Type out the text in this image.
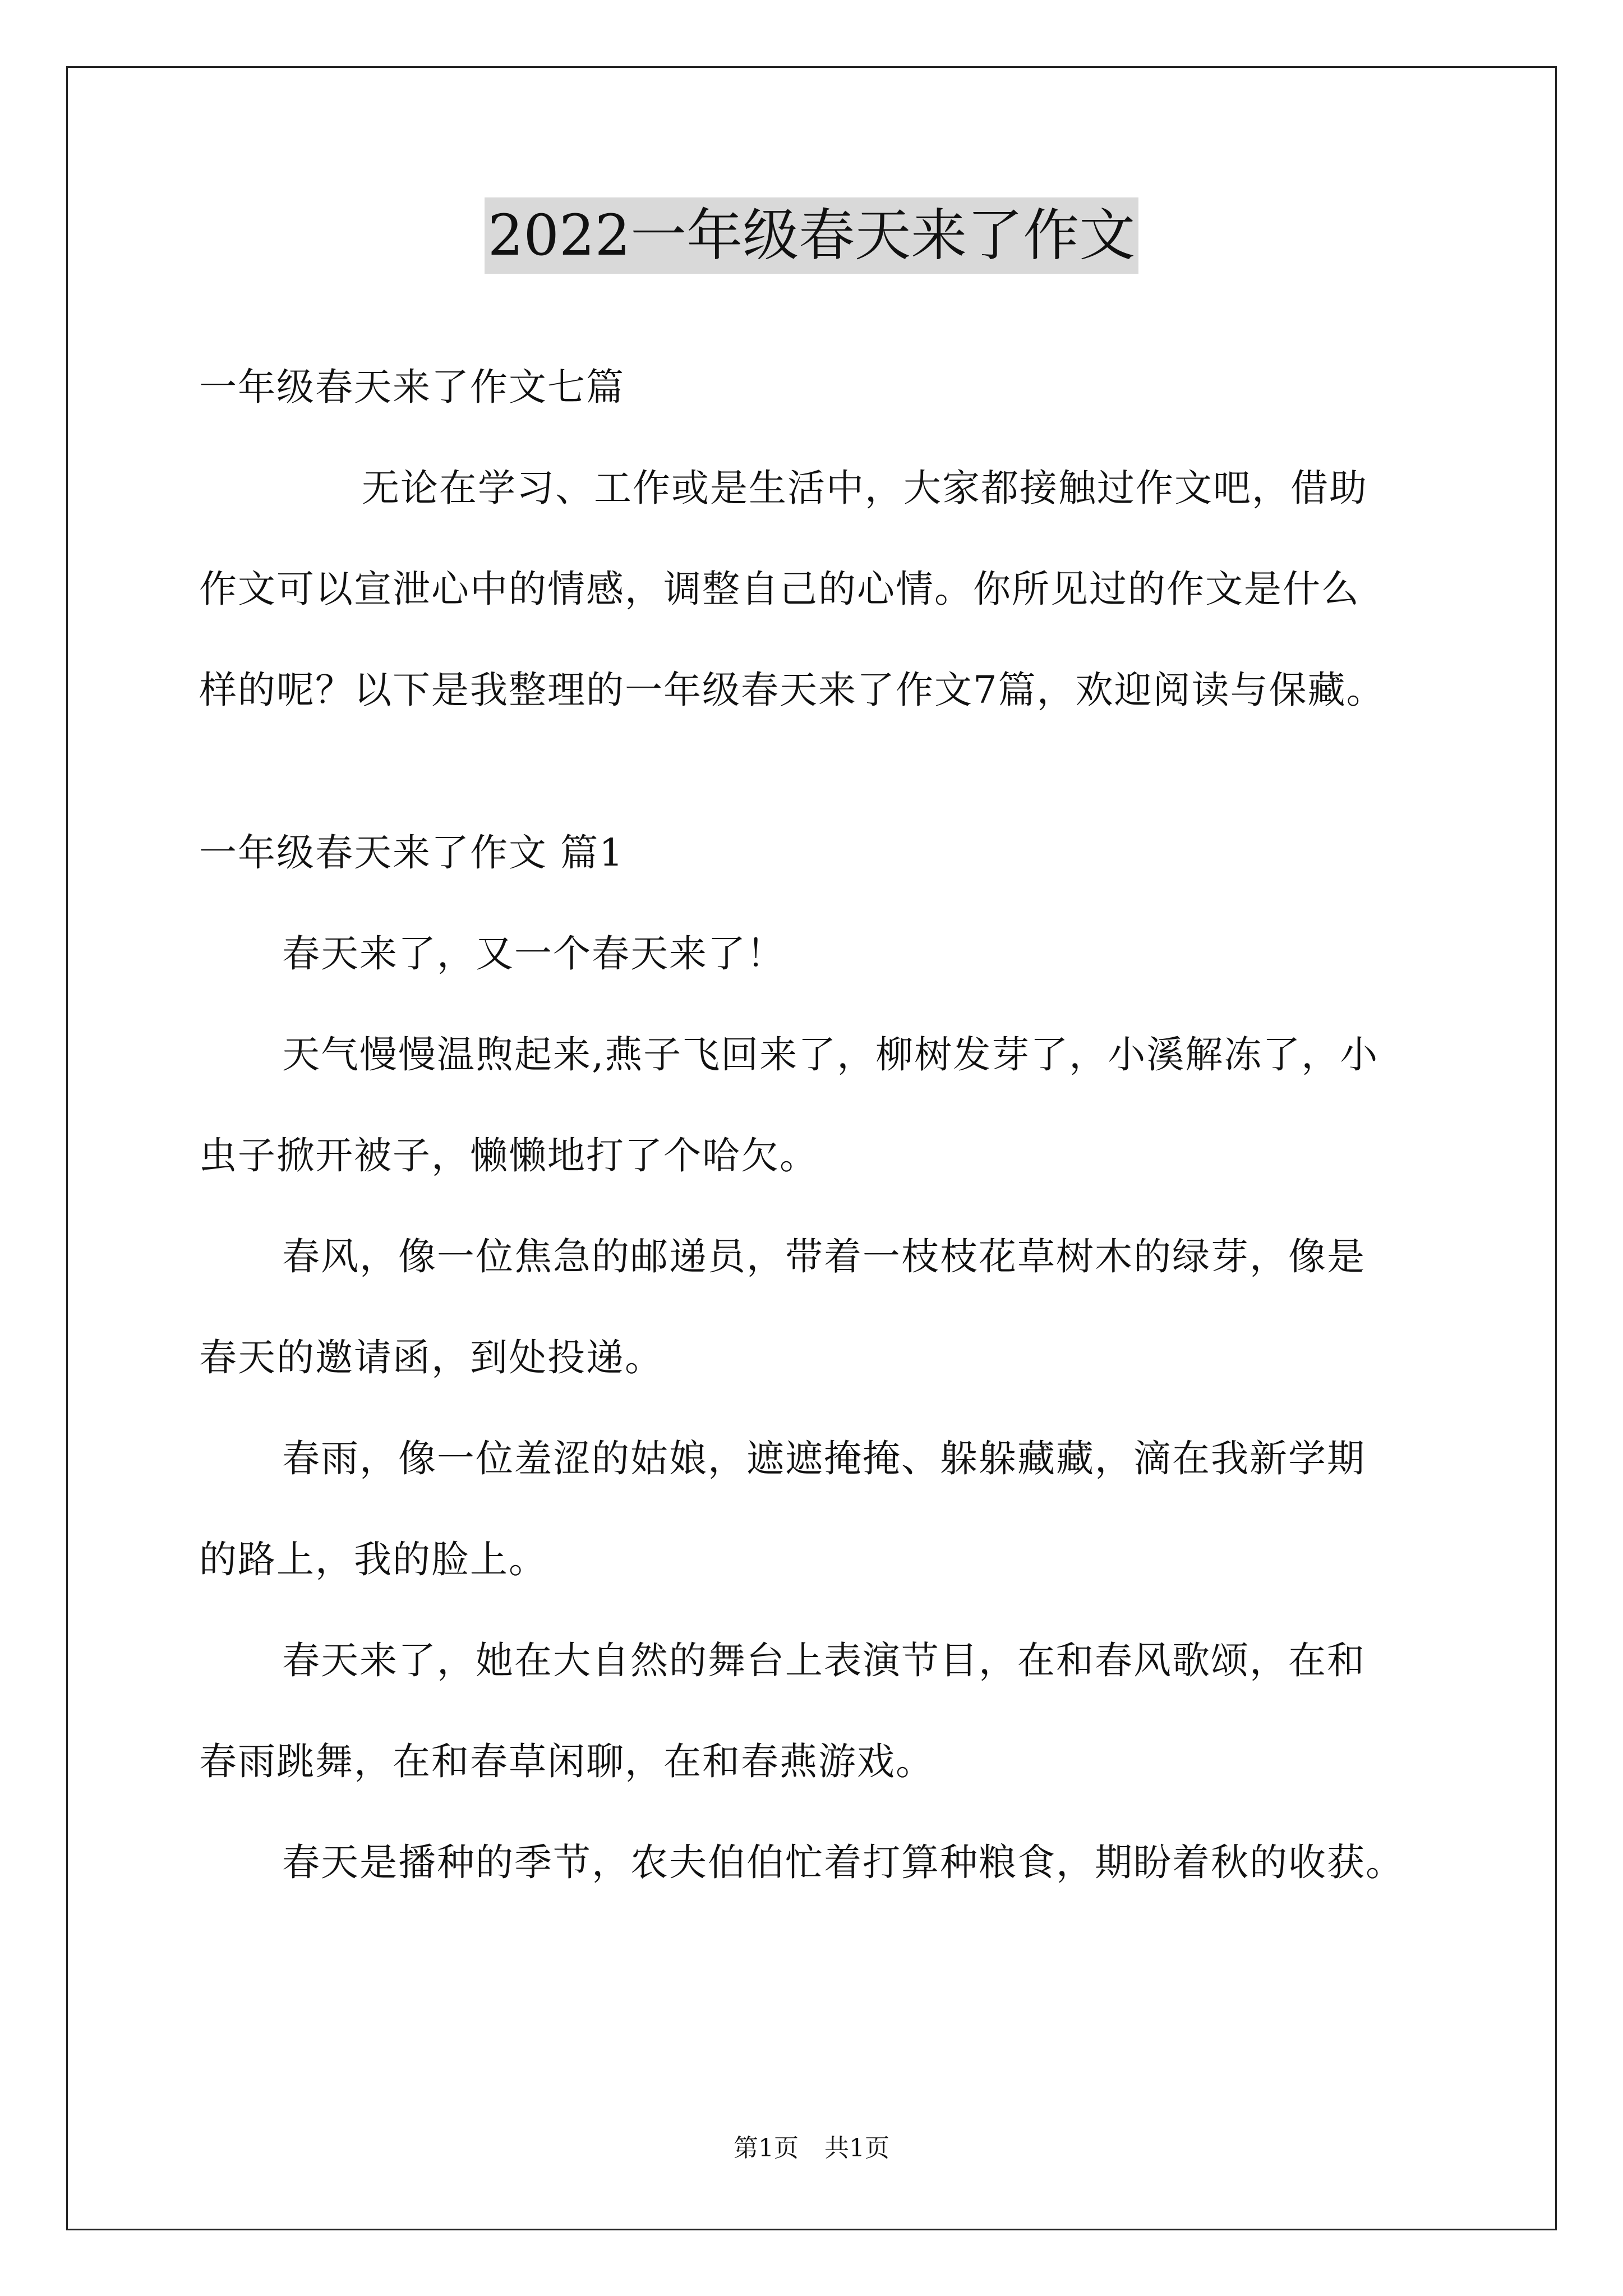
2022一年级春天来了作文
一年级春天来了作文七篇
无论在学习、工作或是生活中，大家都接触过作文吧，借助
作文可以宣泄心中的情感，调整自己的心情。你所见过的作文是什么
样的呢？以下是我整理的一年级春天来了作文7篇，欢迎阅读与保藏。
一年级春天来了作文 篇1
春天来了，又一个春天来了！
天气慢慢温煦起来,燕子飞回来了，柳树发芽了，小溪解冻了，小
虫子掀开被子，懒懒地打了个哈欠。
春风，像一位焦急的邮递员，带着一枝枝花草树木的绿芽，像是
春天的邀请函，到处投递。
春雨，像一位羞涩的姑娘，遮遮掩掩、躲躲藏藏，滴在我新学期
的路上，我的脸上。
春天来了，她在大自然的舞台上表演节目，在和春风歌颂，在和
春雨跳舞，在和春草闲聊，在和春燕游戏。
春天是播种的季节，农夫伯伯忙着打算种粮食，期盼着秋的收获。
第1页 共1页
